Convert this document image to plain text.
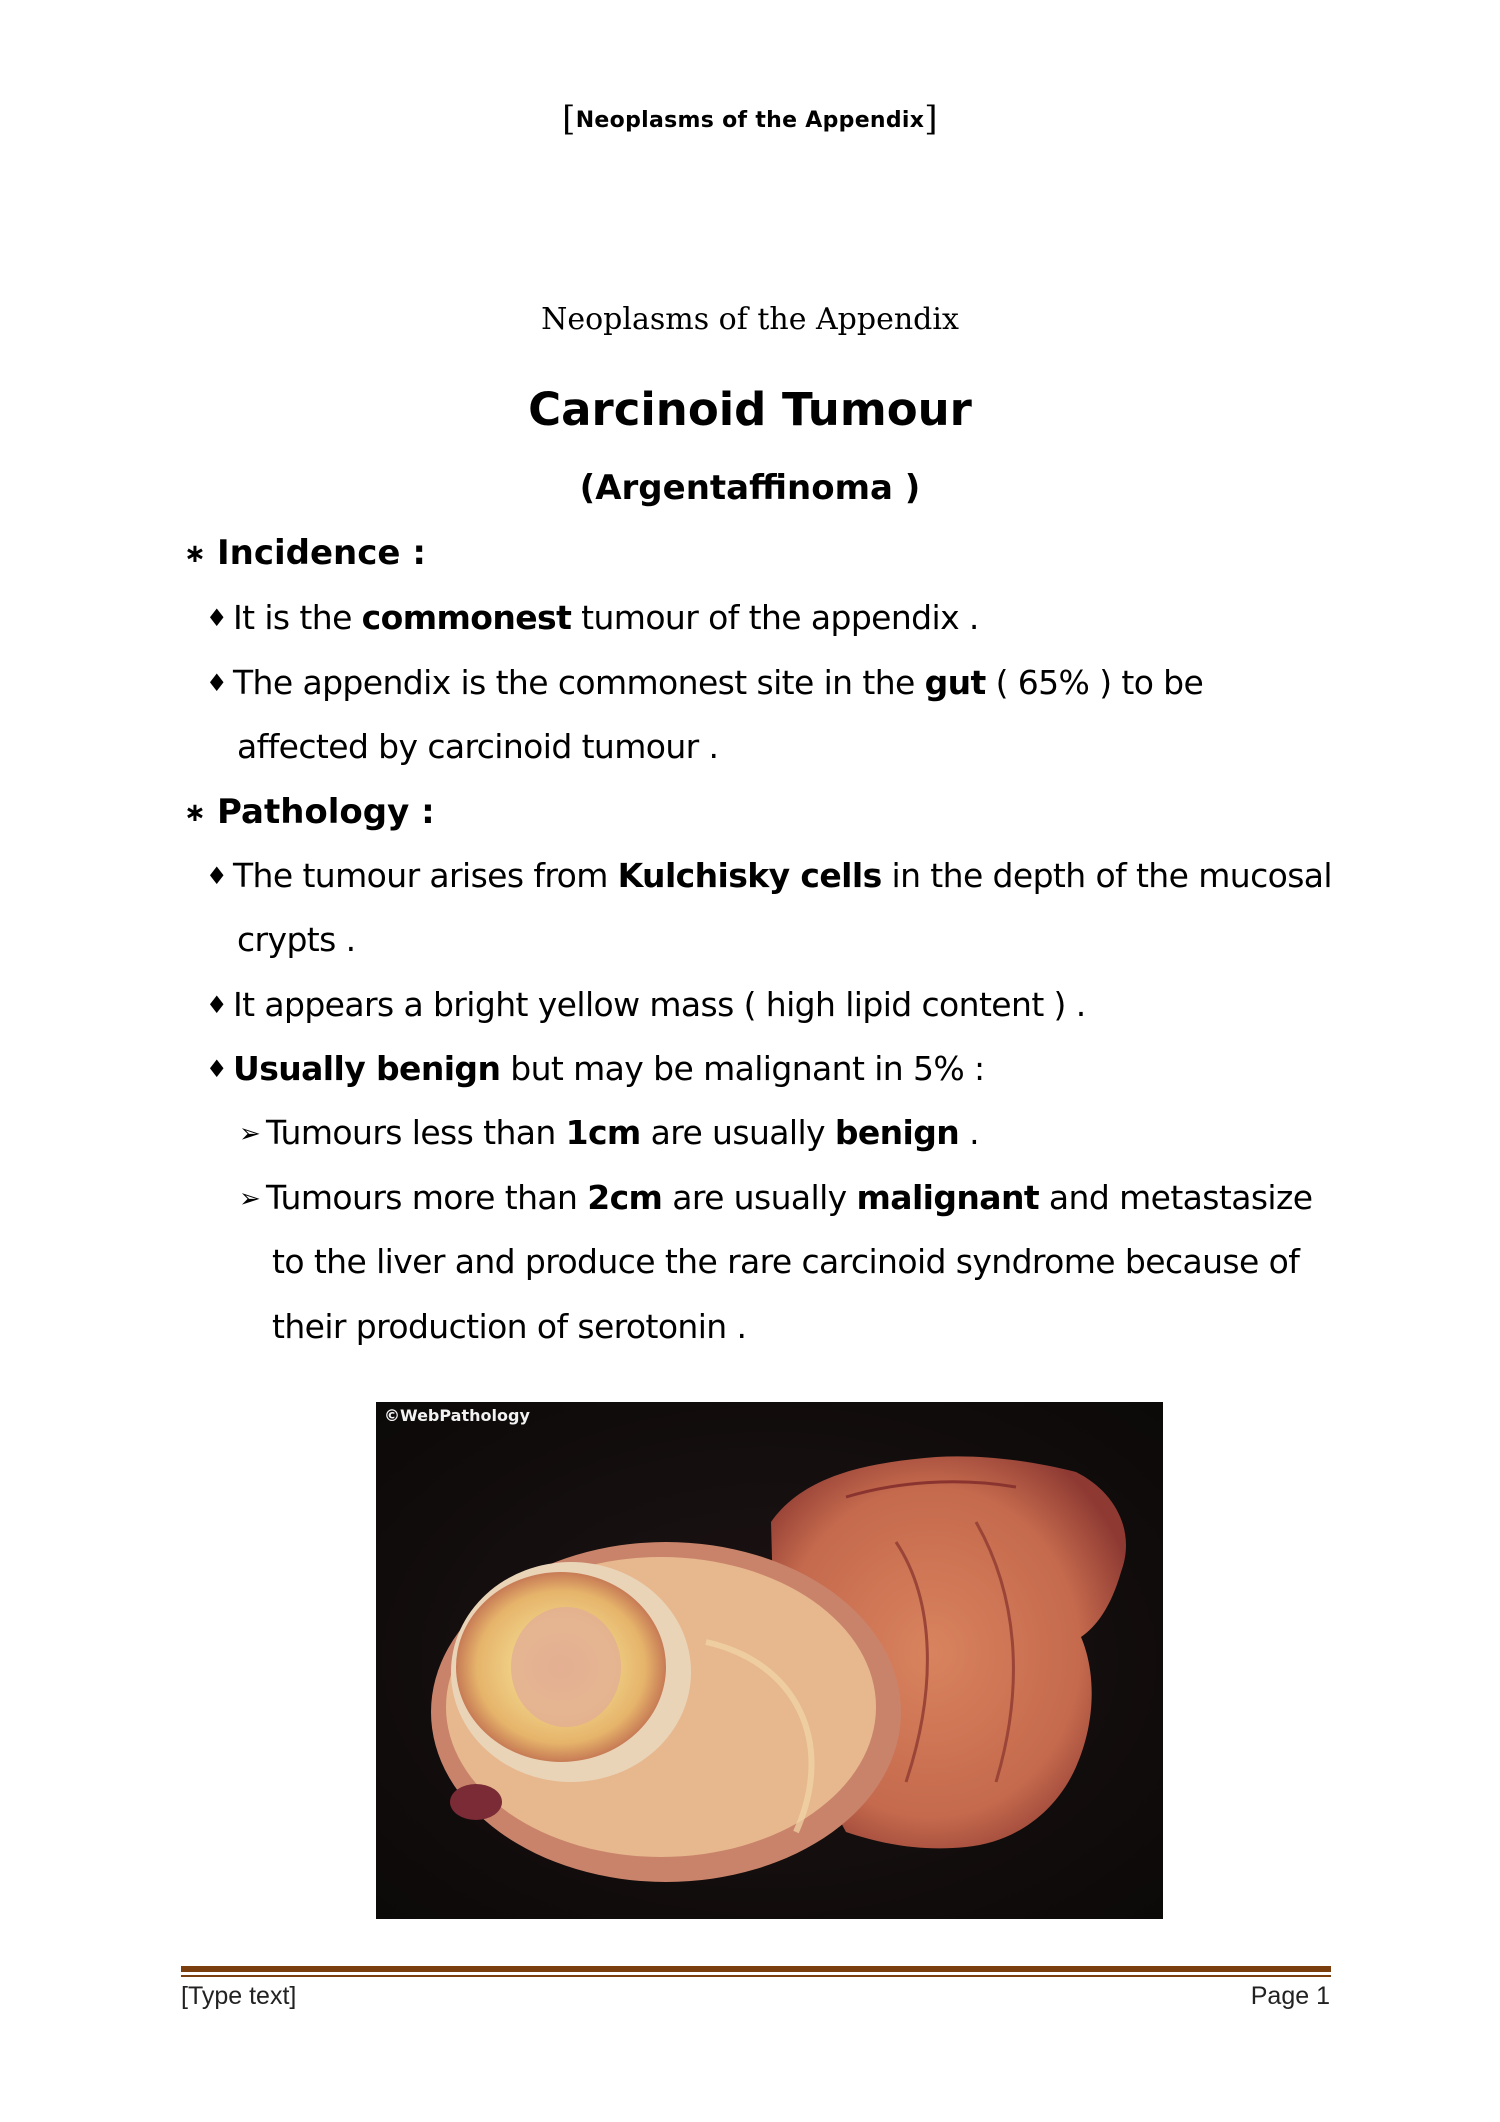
[Neoplasms of the Appendix]
Neoplasms of the Appendix
Carcinoid Tumour
(Argentaffinoma )
∗ Incidence :
♦ It is the commonest tumour of the appendix .
♦ The appendix is the commonest site in the gut ( 65% ) to be
affected by carcinoid tumour .
∗ Pathology :
♦ The tumour arises from Kulchisky cells in the depth of the mucosal
crypts .
♦ It appears a bright yellow mass ( high lipid content ) .
♦ Usually benign but may be malignant in 5% :
➢ Tumours less than 1cm are usually benign .
➢ Tumours more than 2cm are usually malignant and metastasize
to the liver and produce the rare carcinoid syndrome because of
their production of serotonin .
©WebPathology
[Type text]	Page 1
